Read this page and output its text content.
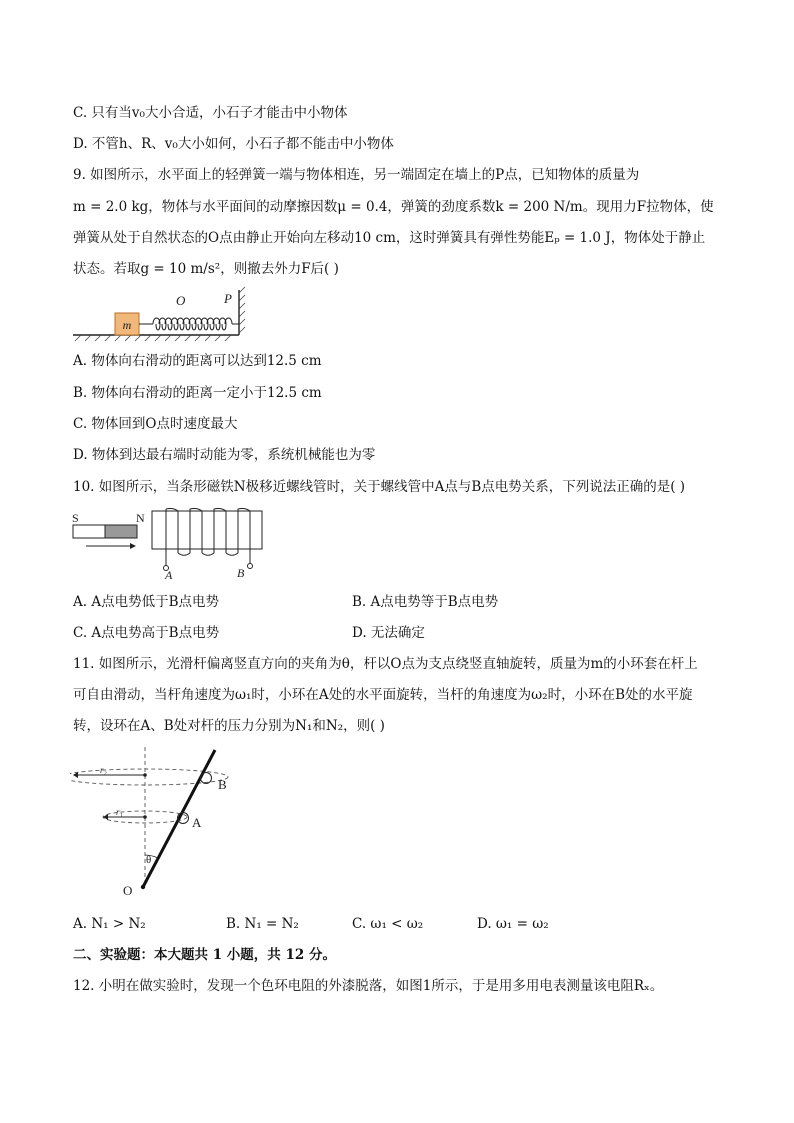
C. 只有当v₀大小合适，小石子才能击中小物体
D. 不管h、R、v₀大小如何，小石子都不能击中小物体
9. 如图所示，水平面上的轻弹簧一端与物体相连，另一端固定在墙上的P点，已知物体的质量为
m = 2.0 kg，物体与水平面间的动摩擦因数μ = 0.4，弹簧的劲度系数k = 200 N/m。现用力F拉物体，使
弹簧从处于自然状态的O点由静止开始向左移动10 cm，这时弹簧具有弹性势能Eₚ = 1.0 J，物体处于静止
状态。若取g = 10 m/s²，则撤去外力F后( )
m
O	P
A. 物体向右滑动的距离可以达到12.5 cm
B. 物体向右滑动的距离一定小于12.5 cm
C. 物体回到O点时速度最大
D. 物体到达最右端时动能为零，系统机械能也为零
10. 如图所示，当条形磁铁N极移近螺线管时，关于螺线管中A点与B点电势关系，下列说法正确的是( )
S	N
A	B
A. A点电势低于B点电势	B. A点电势等于B点电势
C. A点电势高于B点电势	D. 无法确定
11. 如图所示，光滑杆偏离竖直方向的夹角为θ，杆以O点为支点绕竖直轴旋转，质量为m的小环套在杆上
可自由滑动，当杆角速度为ω₁时，小环在A处的水平面旋转，当杆的角速度为ω₂时，小环在B处的水平旋
转，设环在A、B处对杆的压力分别为N₁和N₂，则( )
r₂
r₁
B
A
O
θ
A. N₁ > N₂	B. N₁ = N₂	C. ω₁ < ω₂	D. ω₁ = ω₂
二、实验题：本大题共 1 小题，共 12 分。
12. 小明在做实验时，发现一个色环电阻的外漆脱落，如图1所示，于是用多用电表测量该电阻Rₓ。
